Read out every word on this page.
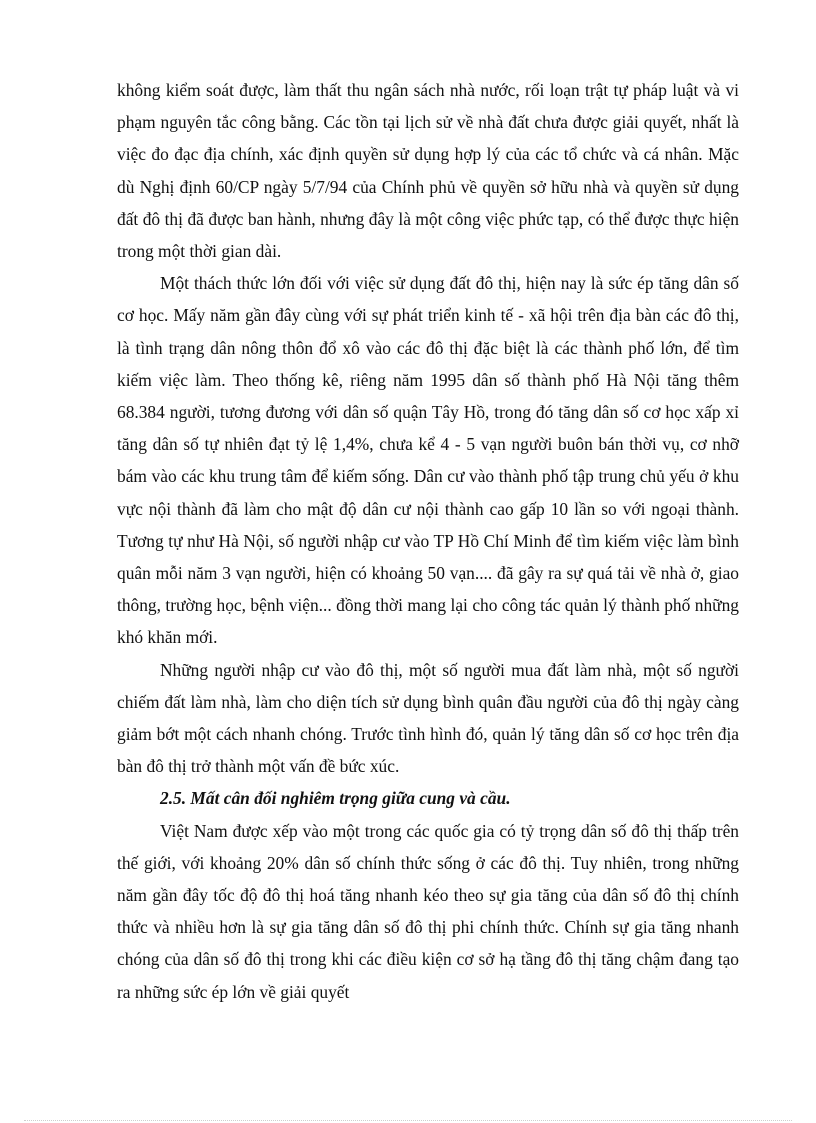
không kiểm soát được, làm thất thu ngân sách nhà nước, rối loạn trật tự pháp luật và vi phạm nguyên tắc công bằng. Các tồn tại lịch sử về nhà đất chưa được giải quyết, nhất là việc đo đạc địa chính, xác định quyền sử dụng hợp lý của các tổ chức và cá nhân. Mặc dù Nghị định 60/CP ngày 5/7/94 của Chính phủ về quyền sở hữu nhà và quyền sử dụng đất đô thị đã được ban hành, nhưng đây là một công việc phức tạp, có thể được thực hiện trong một thời gian dài.

Một thách thức lớn đối với việc sử dụng đất đô thị, hiện nay là sức ép tăng dân số cơ học. Mấy năm gần đây cùng với sự phát triển kinh tế - xã hội trên địa bàn các đô thị, là tình trạng dân nông thôn đổ xô vào các đô thị đặc biệt là các thành phố lớn, để tìm kiếm việc làm. Theo thống kê, riêng năm 1995 dân số thành phố Hà Nội tăng thêm 68.384 người, tương đương với dân số quận Tây Hồ, trong đó tăng dân số cơ học xấp xỉ tăng dân số tự nhiên đạt tỷ lệ 1,4%, chưa kể 4 - 5 vạn người buôn bán thời vụ, cơ nhỡ bám vào các khu trung tâm để kiếm sống. Dân cư vào thành phố tập trung chủ yếu ở khu vực nội thành đã làm cho mật độ dân cư nội thành cao gấp 10 lần so với ngoại thành. Tương tự như Hà Nội, số người nhập cư vào TP Hồ Chí Minh để tìm kiếm việc làm bình quân mỗi năm 3 vạn người, hiện có khoảng 50 vạn.... đã gây ra sự quá tải về nhà ở, giao thông, trường học, bệnh viện... đồng thời mang lại cho công tác quản lý thành phố những khó khăn mới.

Những người nhập cư vào đô thị, một số người mua đất làm nhà, một số người chiếm đất làm nhà, làm cho diện tích sử dụng bình quân đầu người của đô thị ngày càng giảm bớt một cách nhanh chóng. Trước tình hình đó, quản lý tăng dân số cơ học trên địa bàn đô thị trở thành một vấn đề bức xúc.

2.5. Mất cân đối nghiêm trọng giữa cung và cầu.

Việt Nam được xếp vào một trong các quốc gia có tỷ trọng dân số đô thị thấp trên thế giới, với khoảng 20% dân số chính thức sống ở các đô thị. Tuy nhiên, trong những năm gần đây tốc độ đô thị hoá tăng nhanh kéo theo sự gia tăng của dân số đô thị chính thức và nhiều hơn là sự gia tăng dân số đô thị phi chính thức. Chính sự gia tăng nhanh chóng của dân số đô thị trong khi các điều kiện cơ sở hạ tầng đô thị tăng chậm đang tạo ra những sức ép lớn về giải quyết
